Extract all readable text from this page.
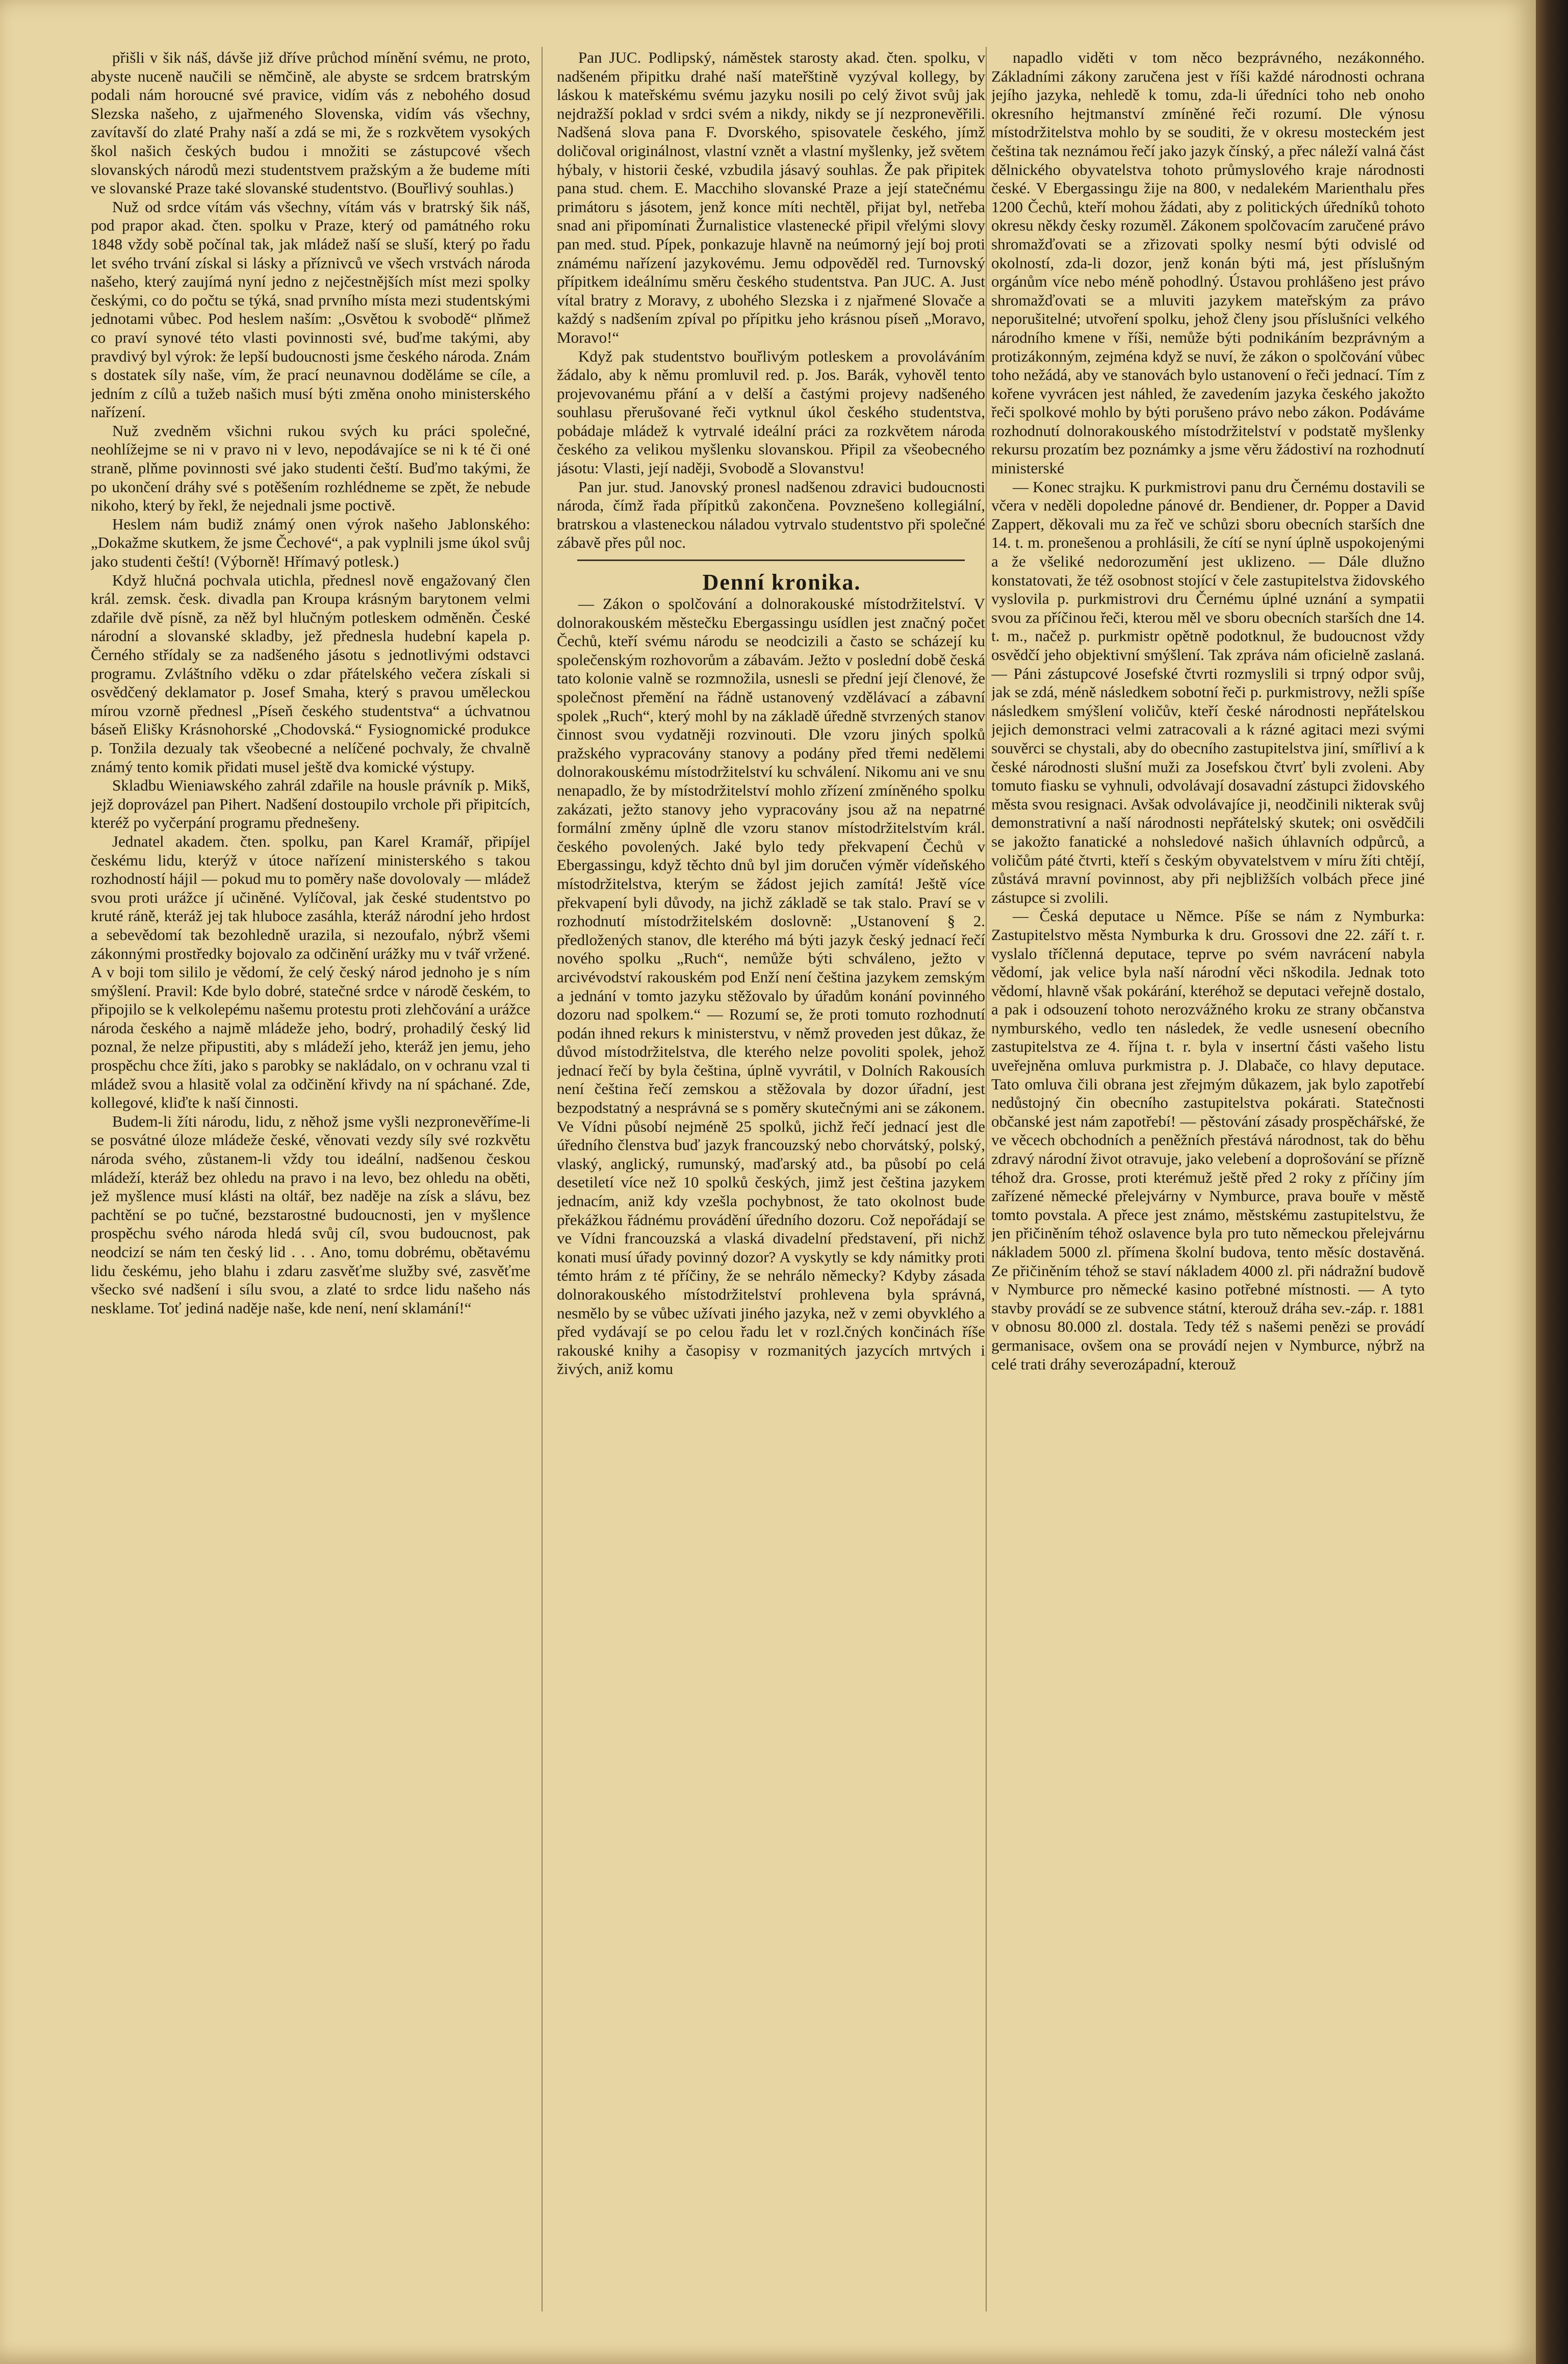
přišli v šik náš, dávše již dříve průchod mínění svému, ne proto, abyste nuceně naučili se němčině, ale abyste se srdcem bratrským podali nám horoucné své pravice, vidím vás z nebohého dosud Slezska našeho, z ujařmeného Slovenska, vidím vás všechny, zavítavší do zlaté Prahy naší a zdá se mi, že s rozkvětem vysokých škol našich českých budou i množiti se zástupcové všech slovanských národů mezi studentstvem pražským a že budeme míti ve slovanské Praze také slovanské studentstvo. (Bouřlivý souhlas.)

Nuž od srdce vítám vás všechny, vítám vás v bratrský šik náš, pod prapor akad. čten. spolku v Praze, který od památného roku 1848 vždy sobě počínal tak, jak mládež naší se sluší, který po řadu let svého trvání získal si lásky a příznivců ve všech vrstvách národa našeho, který zaujímá nyní jedno z nejčestnějších míst mezi spolky českými, co do počtu se týká, snad prvního místa mezi studentskými jednotami vůbec. Pod heslem naším: „Osvětou k svobodě“ plňmež co praví synové této vlasti povinnosti své, buďme takými, aby pravdivý byl výrok: že lepší budoucnosti jsme českého národa. Znám s dostatek síly naše, vím, že prací neunavnou doděláme se cíle, a jedním z cílů a tužeb našich musí býti změna onoho ministerského nařízení.

Nuž zvedněm všichni rukou svých ku práci společné, neohlížejme se ni v pravo ni v levo, nepodávajíce se ni k té či oné straně, plňme povinnosti své jako studenti čeští. Buďmo takými, že po ukončení dráhy své s potěšením rozhlédneme se zpět, že nebude nikoho, který by řekl, že nejednali jsme poctivě.

Heslem nám budiž známý onen výrok našeho Jablonského: „Dokažme skutkem, že jsme Čechové“, a pak vyplnili jsme úkol svůj jako studenti čeští! (Výborně! Hřímavý potlesk.)

Když hlučná pochvala utichla, přednesl nově engažovaný člen král. zemsk. česk. divadla pan Kroupa krásným barytonem velmi zdařile dvě písně, za něž byl hlučným potleskem odměněn. České národní a slovanské skladby, jež přednesla hudební kapela p. Černého střídaly se za nadšeného jásotu s jednotlivými odstavci programu. Zvláštního vděku o zdar přátelského večera získali si osvědčený deklamator p. Josef Smaha, který s pravou uměleckou mírou vzorně přednesl „Píseň českého studentstva“ a úchvatnou báseň Elišky Krásnohorské „Chodovská.“ Fysiognomické produkce p. Tonžila dezualy tak všeobecné a nelíčené pochvaly, že chvalně známý tento komik přidati musel ještě dva komické výstupy.

Skladbu Wieniawského zahrál zdařile na housle právník p. Mikš, jejž doprovázel pan Pihert. Nadšení dostoupilo vrchole při připitcích, kteréž po vyčerpání programu přednešeny.

Jednatel akadem. čten. spolku, pan Karel Kramář, připíjel českému lidu, kterýž v útoce nařízení ministerského s takou rozhodností hájil — pokud mu to poměry naše dovolovaly — mládež svou proti urážce jí učiněné. Vylíčoval, jak české studentstvo po kruté ráně, kteráž jej tak hluboce zasáhla, kteráž národní jeho hrdost a sebevědomí tak bezohledně urazila, si nezoufalo, nýbrž všemi zákonnými prostředky bojovalo za odčinění urážky mu v tvář vržené. A v boji tom sililo je vědomí, že celý český národ jednoho je s ním smýšlení. Pravil: Kde bylo dobré, statečné srdce v národě českém, to připojilo se k velkolepému našemu protestu proti zlehčování a urážce národa českého a najmě mládeže jeho, bodrý, prohadilý český lid poznal, že nelze připustiti, aby s mládeží jeho, kteráž jen jemu, jeho prospěchu chce žíti, jako s parobky se nakládalo, on v ochranu vzal ti mládež svou a hlasitě volal za odčinění křivdy na ní spáchané. Zde, kollegové, kliďte k naší činnosti.

Budem-li žíti národu, lidu, z něhož jsme vyšli nezpronevěříme-li se posvátné úloze mládeže české, věnovati vezdy síly své rozkvětu národa svého, zůstanem-li vždy tou ideální, nadšenou českou mládeží, kteráž bez ohledu na pravo i na levo, bez ohledu na oběti, jež myšlence musí klásti na oltář, bez naděje na získ a slávu, bez pachtění se po tučné, bezstarostné budoucnosti, jen v myšlence prospěchu svého národa hledá svůj cíl, svou budoucnost, pak neodcizí se nám ten český lid . . . Ano, tomu dobrému, obětavému lidu českému, jeho blahu i zdaru zasvěťme služby své, zasvěťme všecko své nadšení i sílu svou, a zlaté to srdce lidu našeho nás nesklame. Toť jediná naděje naše, kde není, není sklamání!“

Pan JUC. Podlipský, náměstek starosty akad. čten. spolku, v nadšeném připitku drahé naší mateřštině vyzýval kollegy, by láskou k mateřskému svému jazyku nosili po celý život svůj jak nejdražší poklad v srdci svém a nikdy, nikdy se jí nezpronevěřili. Nadšená slova pana F. Dvorského, spisovatele českého, jímž doličoval originálnost, vlastní vznět a vlastní myšlenky, jež světem hýbaly, v historii české, vzbudila jásavý souhlas. Že pak připitek pana stud. chem. E. Macchiho slovanské Praze a její statečnému primátoru s jásotem, jenž konce míti nechtěl, přijat byl, netřeba snad ani připomínati Žurnalistice vlastenecké připil vřelými slovy pan med. stud. Pípek, ponkazuje hlavně na neúmorný její boj proti známému nařízení jazykovému. Jemu odpověděl red. Turnovský přípitkem ideálnímu směru českého studentstva. Pan JUC. A. Just vítal bratry z Moravy, z ubohého Slezska i z njařmené Slovače a každý s nadšením zpíval po přípitku jeho krásnou píseň „Moravo, Moravo!“

Když pak studentstvo bouřlivým potleskem a provoláváním žádalo, aby k němu promluvil red. p. Jos. Barák, vyhověl tento projevovanému přání a v delší a častými projevy nadšeného souhlasu přerušované řeči vytknul úkol českého studentstva, pobádaje mládež k vytrvalé ideální práci za rozkvětem národa českého za velikou myšlenku slovanskou. Připil za všeobecného jásotu: Vlasti, její naději, Svobodě a Slovanstvu!

Pan jur. stud. Janovský pronesl nadšenou zdravici budoucnosti národa, čímž řada přípitků zakončena. Povznešeno kollegiální, bratrskou a vlasteneckou náladou vytrvalo studentstvo při společné zábavě přes půl noc.

Denní kronika.

— Zákon o spolčování a dolnorakouské místodržitelství. V dolnorakouském městečku Ebergassingu usídlen jest značný počet Čechů, kteří svému národu se neodcizili a často se scházejí ku společenským rozhovorům a zábavám. Ježto v poslední době česká tato kolonie valně se rozmnožila, usnesli se přední její členové, že společnost přemění na řádně ustanovený vzdělávací a zábavní spolek „Ruch“, který mohl by na základě úředně stvrzených stanov činnost svou vydatněji rozvinouti. Dle vzoru jiných spolků pražského vypracovány stanovy a podány před třemi nedělemi dolnorakouskému místodržitelství ku schválení. Nikomu ani ve snu nenapadlo, že by místodržitelství mohlo zřízení zmíněného spolku zakázati, ježto stanovy jeho vypracovány jsou až na nepatrné formální změny úplně dle vzoru stanov místodržitelstvím král. českého povolených. Jaké bylo tedy překvapení Čechů v Ebergassingu, když těchto dnů byl jim doručen výměr vídeňského místodržitelstva, kterým se žádost jejich zamítá! Ještě více překvapení byli důvody, na jichž základě se tak stalo. Praví se v rozhodnutí místodržitelském doslovně: „Ustanovení § 2. předložených stanov, dle kterého má býti jazyk český jednací řečí nového spolku „Ruch“, nemůže býti schváleno, ježto v arcivévodství rakouském pod Enží není čeština jazykem zemským a jednání v tomto jazyku stěžovalo by úřadům konání povinného dozoru nad spolkem.“ — Rozumí se, že proti tomuto rozhodnutí podán ihned rekurs k ministerstvu, v němž proveden jest důkaz, že důvod místodržitelstva, dle kterého nelze povoliti spolek, jehož jednací řečí by byla čeština, úplně vyvrátil, v Dolních Rakousích není čeština řečí zemskou a stěžovala by dozor úřadní, jest bezpodstatný a nesprávná se s poměry skutečnými ani se zákonem. Ve Vídni působí nejméně 25 spolků, jichž řečí jednací jest dle úředního členstva buď jazyk francouzský nebo chorvátský, polský, vlaský, anglický, rumunský, maďarský atd., ba působí po celá desetiletí více než 10 spolků českých, jimž jest čeština jazykem jednacím, aniž kdy vzešla pochybnost, že tato okolnost bude překážkou řádnému provádění úředního dozoru. Což nepořádají se ve Vídni francouzská a vlaská divadelní představení, při nichž konati musí úřady povinný dozor? A vyskytly se kdy námitky proti témto hrám z té příčiny, že se nehrálo německy? Kdyby zásada dolnorakouského místodržitelství prohlevena byla správná, nesmělo by se vůbec užívati jiného jazyka, než v zemi obyvklého a před vydávají se po celou řadu let v rozl.čných končinách říše rakouské knihy a časopisy v rozmanitých jazycích mrtvých i živých, aniž komu

napadlo viděti v tom něco bezprávného, nezákonného. Základními zákony zaručena jest v říši každé národnosti ochrana jejího jazyka, nehledě k tomu, zda-li úředníci toho neb onoho okresního hejtmanství zmíněné řeči rozumí. Dle výnosu místodržitelstva mohlo by se souditi, že v okresu mosteckém jest čeština tak neznámou řečí jako jazyk čínský, a přec náleží valná část dělnického obyvatelstva tohoto průmyslového kraje národnosti české. V Ebergassingu žije na 800, v nedalekém Marienthalu přes 1200 Čechů, kteří mohou žádati, aby z politických úředníků tohoto okresu někdy česky rozuměl. Zákonem spolčovacím zaručené právo shromažďovati se a zřizovati spolky nesmí býti odvislé od okolností, zda-li dozor, jenž konán býti má, jest příslušným orgánům více nebo méně pohodlný. Ústavou prohlášeno jest právo shromažďovati se a mluviti jazykem mateřským za právo neporušitelné; utvoření spolku, jehož členy jsou příslušníci velkého národního kmene v říši, nemůže býti podnikáním bezprávným a protizákonným, zejména když se nuví, že zákon o spolčování vůbec toho nežádá, aby ve stanovách bylo ustanovení o řeči jednací. Tím z kořene vyvrácen jest náhled, že zavedením jazyka českého jakožto řeči spolkové mohlo by býti porušeno právo nebo zákon. Podáváme rozhodnutí dolnorakouského místodržitelství v podstatě myšlenky rekursu prozatím bez poznámky a jsme věru žádostiví na rozhodnutí ministerské

— Konec strajku. K purkmistrovi panu dru Černému dostavili se včera v neděli dopoledne pánové dr. Bendiener, dr. Popper a David Zappert, děkovali mu za řeč ve schůzi sboru obecních starších dne 14. t. m. pronešenou a prohlásili, že cítí se nyní úplně uspokojenými a že všeliké nedorozumění jest uklizeno. — Dále dlužno konstatovati, že též osobnost stojící v čele zastupitelstva židovského vyslovila p. purkmistrovi dru Černému úplné uznání a sympatii svou za příčinou řeči, kterou měl ve sboru obecních starších dne 14. t. m., načež p. purkmistr opětně podotknul, že budoucnost vždy osvědčí jeho objektivní smýšlení. Tak zpráva nám oficielně zaslaná. — Páni zástupcové Josefské čtvrti rozmyslili si trpný odpor svůj, jak se zdá, méně následkem sobotní řeči p. purkmistrovy, nežli spíše následkem smýšlení voličův, kteří české národnosti nepřátelskou jejich demonstraci velmi zatracovali a k rázné agitaci mezi svými souvěrci se chystali, aby do obecního zastupitelstva jiní, smířliví a k české národnosti slušní muži za Josefskou čtvrť byli zvoleni. Aby tomuto fiasku se vyhnuli, odvolávají dosavadní zástupci židovského města svou resignaci. Avšak odvolávajíce ji, neodčinili nikterak svůj demonstrativní a naší národnosti nepřátelský skutek; oni osvědčili se jakožto fanatické a nohsledové našich úhlavních odpůrců, a voličům páté čtvrti, kteří s českým obyvatelstvem v míru žíti chtějí, zůstává mravní povinnost, aby při nejbližších volbách přece jiné zástupce si zvolili.

— Česká deputace u Němce. Píše se nám z Nymburka: Zastupitelstvo města Nymburka k dru. Grossovi dne 22. září t. r. vyslalo tříčlenná deputace, teprve po svém navrácení nabyla vědomí, jak velice byla naší národní věci nškodila. Jednak toto vědomí, hlavně však pokárání, kteréhož se deputaci veřejně dostalo, a pak i odsouzení tohoto nerozvážného kroku ze strany občanstva nymburského, vedlo ten následek, že vedle usnesení obecního zastupitelstva ze 4. října t. r. byla v insertní části vašeho listu uveřejněna omluva purkmistra p. J. Dlabače, co hlavy deputace. Tato omluva čili obrana jest zřejmým důkazem, jak bylo zapotřebí nedůstojný čin obecního zastupitelstva pokárati. Statečnosti občanské jest nám zapotřebí! — pěstování zásady prospěchářské, že ve věcech obchodních a peněžních přestává národnost, tak do běhu zdravý národní život otravuje, jako velebení a doprošování se přízně téhož dra. Grosse, proti kterémuž ještě před 2 roky z příčiny jím zařízené německé přelejvárny v Nymburce, prava bouře v městě tomto povstala. A přece jest známo, městskému zastupitelstvu, že jen přičiněním téhož oslavence byla pro tuto německou přelejvárnu nákladem 5000 zl. přímena školní budova, tento měsíc dostavěná. Ze přičiněním téhož se staví nákladem 4000 zl. při nádražní budově v Nymburce pro německé kasino potřebné místnosti. — A tyto stavby provádí se ze subvence státní, kterouž dráha sev.-záp. r. 1881 v obnosu 80.000 zl. dostala. Tedy též s našemi penězi se provádí germanisace, ovšem ona se provádí nejen v Nymburce, nýbrž na celé trati dráhy severozápadní, kterouž
